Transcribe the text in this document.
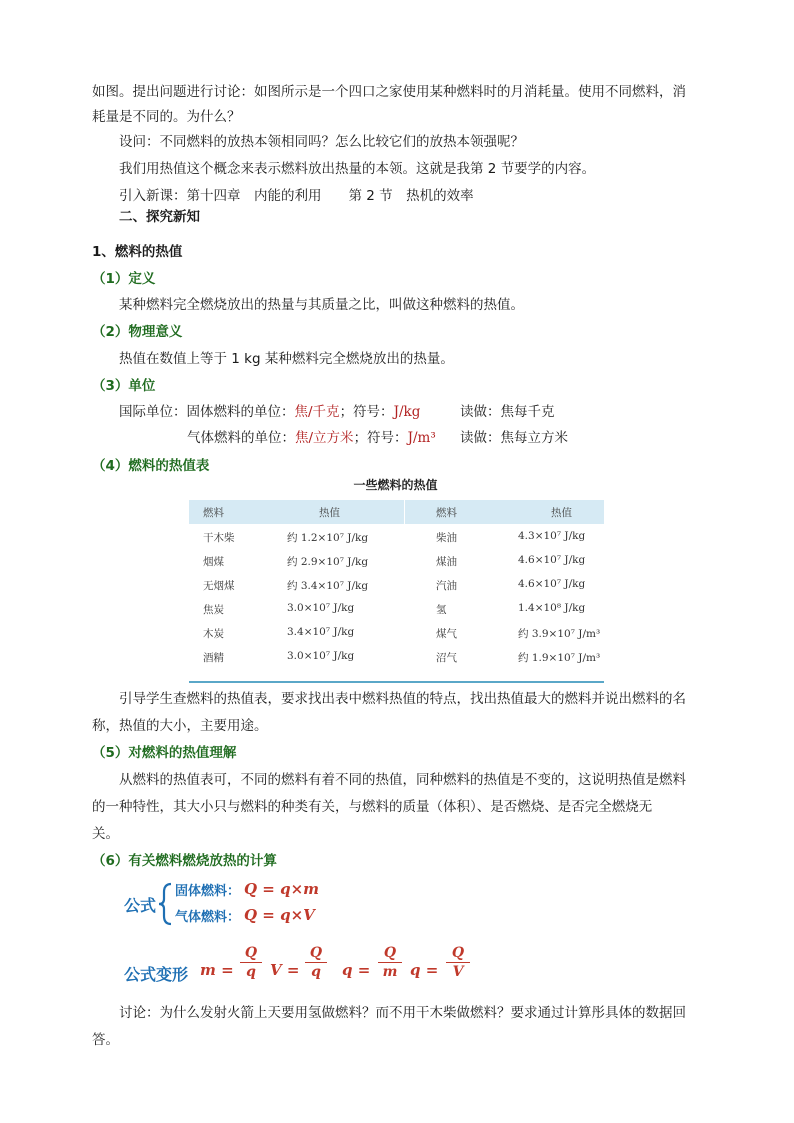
如图。提出问题进行讨论：如图所示是一个四口之家使用某种燃料时的月消耗量。使用不同燃料，消
耗量是不同的。为什么？
设问：不同燃料的放热本领相同吗？怎么比较它们的放热本领强呢？
我们用热值这个概念来表示燃料放出热量的本领。这就是我第 2 节要学的内容。
引入新课：第十四章　内能的利用　　第 2 节　热机的效率
二、探究新知
1、燃料的热值
（1）定义
某种燃料完全燃烧放出的热量与其质量之比，叫做这种燃料的热值。
（2）物理意义
热值在数值上等于 1 kg 某种燃料完全燃烧放出的热量。
（3）单位
国际单位：固体燃料的单位：焦/千克；符号：J/kg	读做：焦每千克
气体燃料的单位：焦/立方米；符号：J/m³ 读做：焦每立方米
（4）燃料的热值表
一些燃料的热值
燃料	热值	燃料	热值
干木柴	约 1.2×10⁷ J/kg	柴油	4.3×10⁷ J/kg
烟煤	约 2.9×10⁷ J/kg	煤油	4.6×10⁷ J/kg
无烟煤	约 3.4×10⁷ J/kg	汽油	4.6×10⁷ J/kg
焦炭	3.0×10⁷ J/kg	氢	1.4×10⁸ J/kg
木炭	3.4×10⁷ J/kg	煤气	约 3.9×10⁷ J/m³
酒精	3.0×10⁷ J/kg	沼气	约 1.9×10⁷ J/m³
引导学生查燃料的热值表，要求找出表中燃料热值的特点，找出热值最大的燃料并说出燃料的名
称，热值的大小，主要用途。
（5）对燃料的热值理解
从燃料的热值表可，不同的燃料有着不同的热值，同种燃料的热值是不变的，这说明热值是燃料
的一种特性，其大小只与燃料的种类有关，与燃料的质量（体积）、是否燃烧、是否完全燃烧无
关。
（6）有关燃料燃烧放热的计算
公式
固体燃料： Q = q×m
气体燃料： Q = q×V
公式变形 $m = \frac{Q}{q}$ $V = \frac{Q}{q}$ $q = \frac{Q}{m}$ $q = \frac{Q}{V}$
讨论：为什么发射火箭上天要用氢做燃料？而不用干木柴做燃料？要求通过计算彤具体的数据回
答。
